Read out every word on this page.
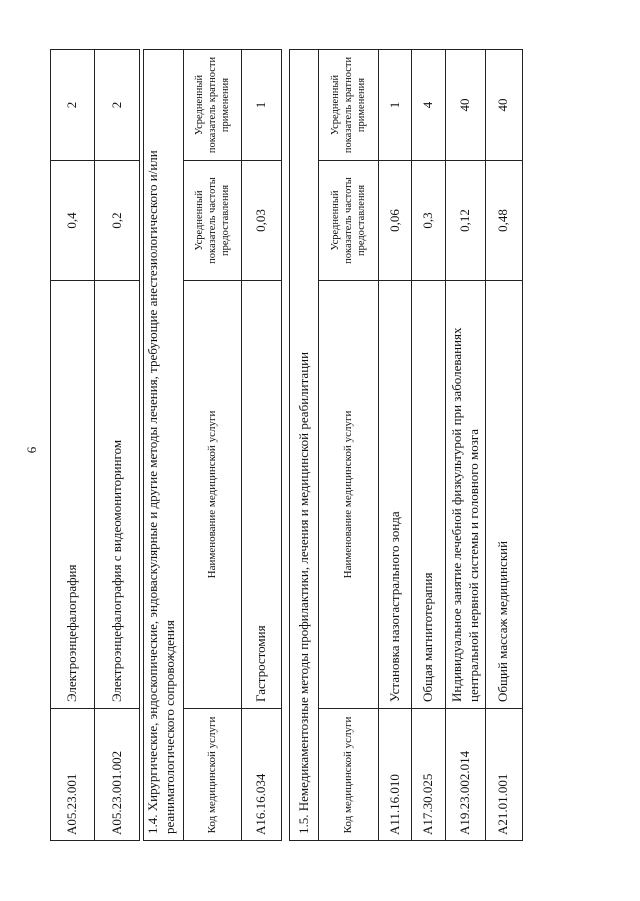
6
A05.23.001
Электроэнцефалография
0,4
2
A05.23.001.002
Электроэнцефалография с видеомониторингом
0,2
2
1.4. Хирургические, эндоскопические, эндоваскулярные и другие методы лечения, требующие анестезиологического и/или реаниматологического сопровождения	Код медицинской услуги
Наименование медицинской услуги
Усредненный показатель частоты предоставления
Усредненный показатель кратности применения
A16.16.034
Гастростомия
0,03
1
1.5. Немедикаментозные методы профилактики, лечения и медицинской реабилитации	Код медицинской услуги
Наименование медицинской услуги
Усредненный показатель частоты предоставления
Усредненный показатель кратности применения
A11.16.010
Установка назогастрального зонда
0,06
1
A17.30.025
Общая магнитотерапия
0,3
4
A19.23.002.014
Индивидуальное занятие лечебной физкультурой при заболеваниях центральной нервной системы и головного мозга
0,12
40
A21.01.001
Общий массаж медицинский
0,48
40
